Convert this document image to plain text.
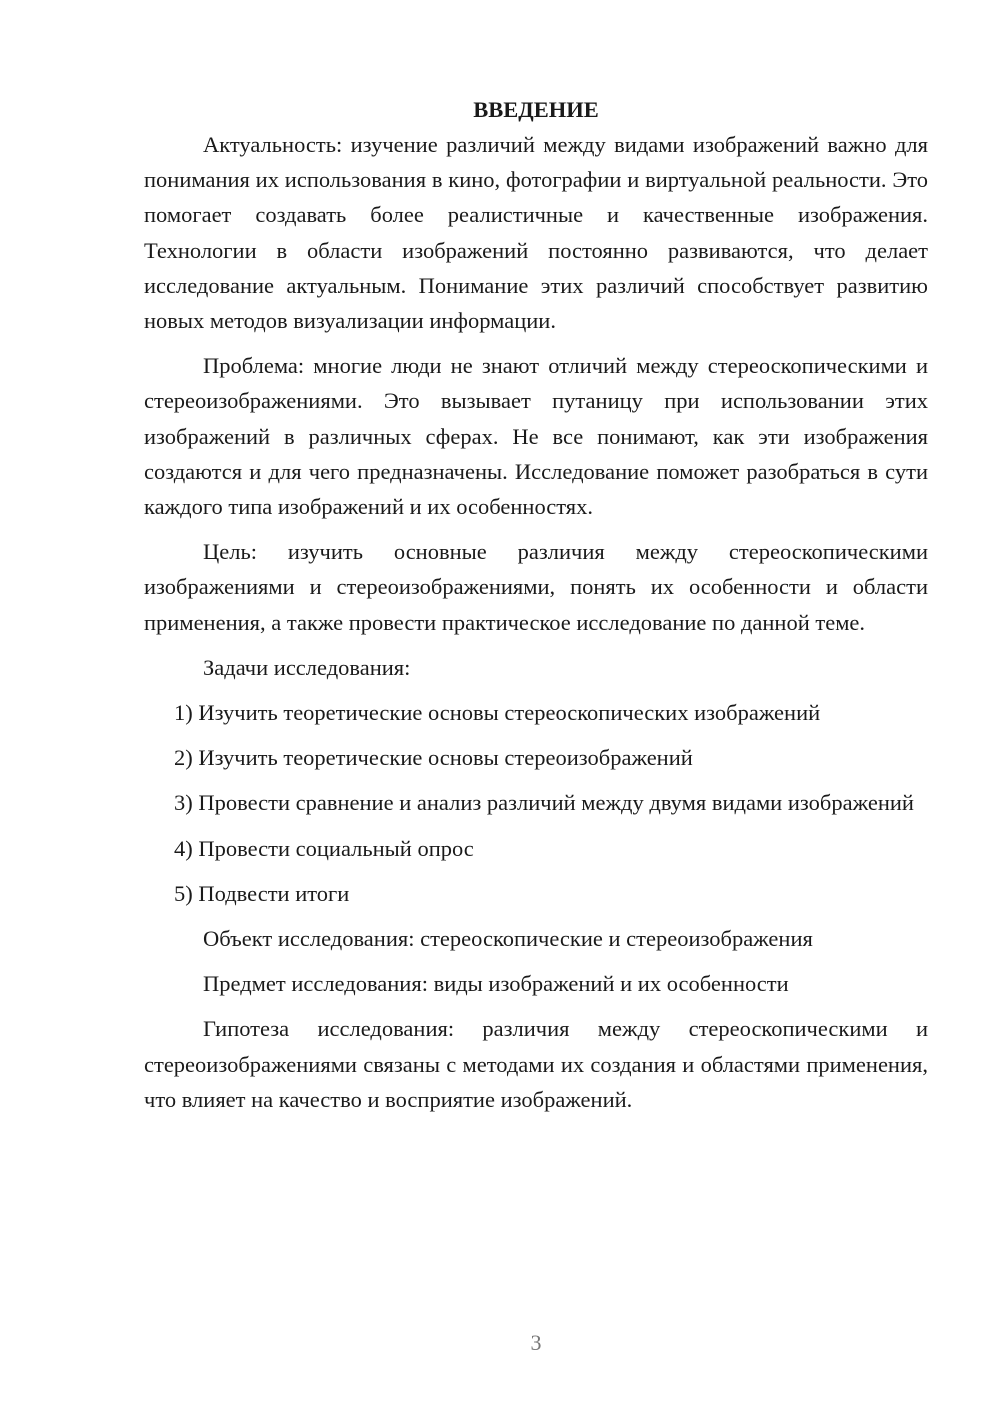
ВВЕДЕНИЕ

Актуальность: изучение различий между видами изображений важно для понимания их использования в кино, фотографии и виртуальной реальности. Это помогает создавать более реалистичные и качественные изображения. Технологии в области изображений постоянно развиваются, что делает исследование актуальным. Понимание этих различий способствует развитию новых методов визуализации информации.

Проблема: многие люди не знают отличий между стереоскопическими и стереоизображениями. Это вызывает путаницу при использовании этих изображений в различных сферах. Не все понимают, как эти изображения создаются и для чего предназначены. Исследование поможет разобраться в сути каждого типа изображений и их особенностях.

Цель: изучить основные различия между стереоскопическими изображениями и стереоизображениями, понять их особенности и области применения, а также провести практическое исследование по данной теме.

Задачи исследования:

1) Изучить теоретические основы стереоскопических изображений

2) Изучить теоретические основы стереоизображений

3) Провести сравнение и анализ различий между двумя видами изображений

4) Провести социальный опрос

5) Подвести итоги

Объект исследования: стереоскопические и стереоизображения

Предмет исследования: виды изображений и их особенности

Гипотеза исследования: различия между стереоскопическими и стереоизображениями связаны с методами их создания и областями применения, что влияет на качество и восприятие изображений.

3
